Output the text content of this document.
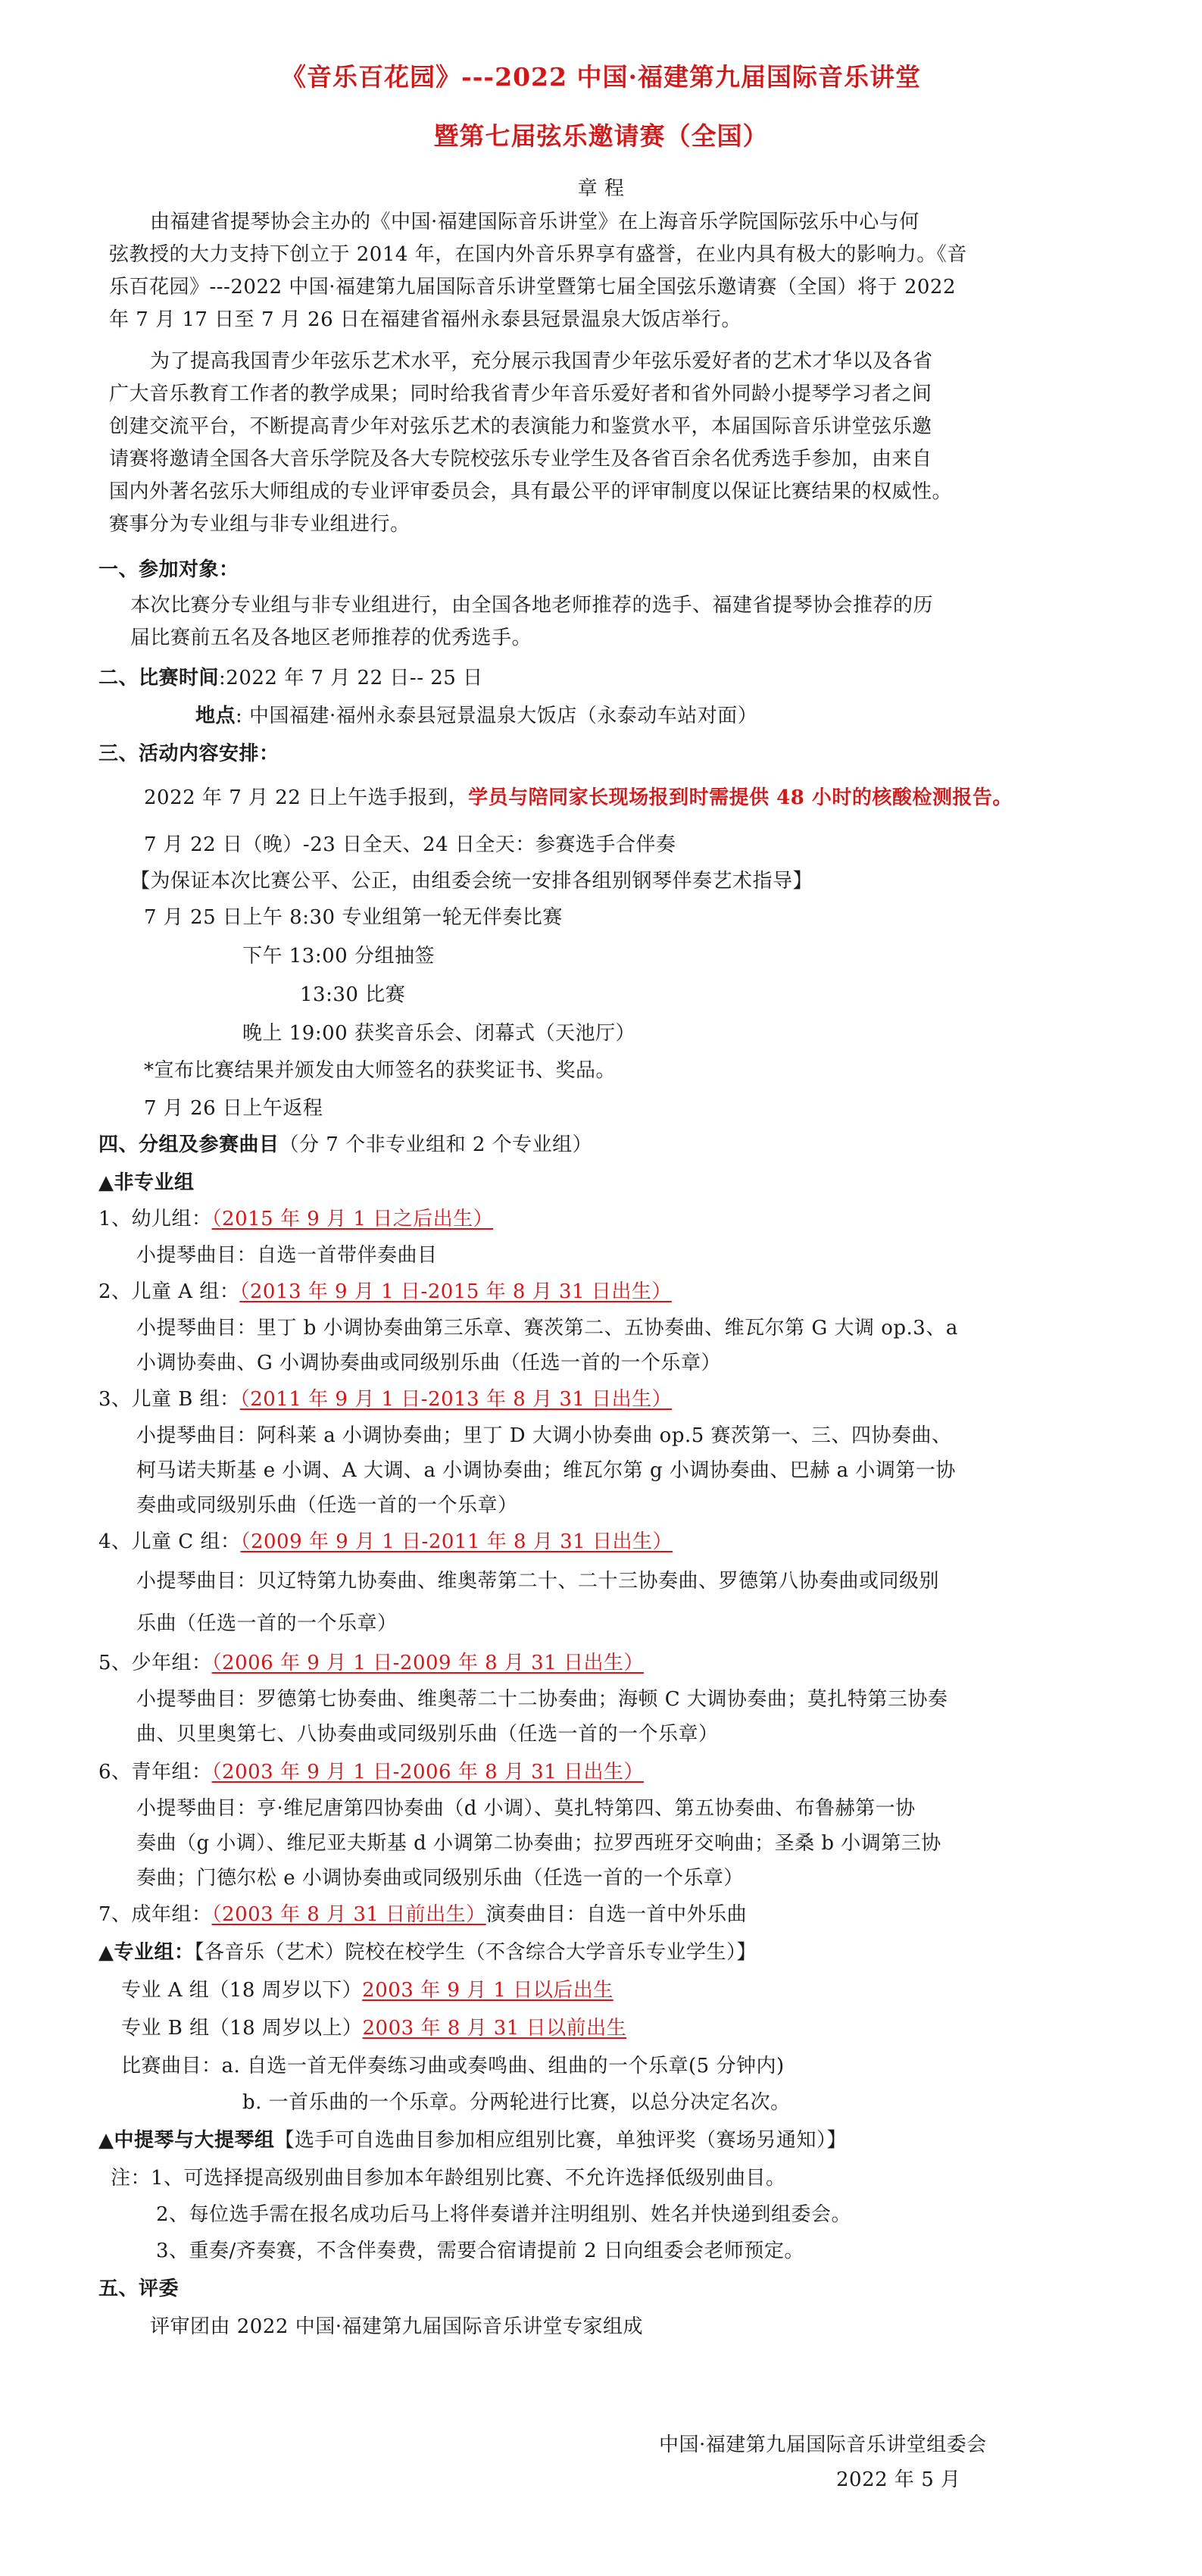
《音乐百花园》---2022 中国·福建第九届国际音乐讲堂
暨第七届弦乐邀请赛（全国）
章 程
由福建省提琴协会主办的《中国·福建国际音乐讲堂》在上海音乐学院国际弦乐中心与何
弦教授的大力支持下创立于 2014 年，在国内外音乐界享有盛誉，在业内具有极大的影响力。《音
乐百花园》---2022 中国·福建第九届国际音乐讲堂暨第七届全国弦乐邀请赛（全国）将于 2022
年 7 月 17 日至 7 月 26 日在福建省福州永泰县冠景温泉大饭店举行。
为了提高我国青少年弦乐艺术水平，充分展示我国青少年弦乐爱好者的艺术才华以及各省
广大音乐教育工作者的教学成果；同时给我省青少年音乐爱好者和省外同龄小提琴学习者之间
创建交流平台，不断提高青少年对弦乐艺术的表演能力和鉴赏水平，本届国际音乐讲堂弦乐邀
请赛将邀请全国各大音乐学院及各大专院校弦乐专业学生及各省百余名优秀选手参加，由来自
国内外著名弦乐大师组成的专业评审委员会，具有最公平的评审制度以保证比赛结果的权威性。
赛事分为专业组与非专业组进行。
一、参加对象：
本次比赛分专业组与非专业组进行，由全国各地老师推荐的选手、福建省提琴协会推荐的历
届比赛前五名及各地区老师推荐的优秀选手。
二、比赛时间:2022 年 7 月 22 日-- 25 日
地点: 中国福建·福州永泰县冠景温泉大饭店（永泰动车站对面）
三、活动内容安排：
2022 年 7 月 22 日上午选手报到，学员与陪同家长现场报到时需提供 48 小时的核酸检测报告。
7 月 22 日（晚）-23 日全天、24 日全天：参赛选手合伴奏
【为保证本次比赛公平、公正，由组委会统一安排各组别钢琴伴奏艺术指导】
7 月 25 日上午 8:30 专业组第一轮无伴奏比赛
下午 13:00 分组抽签
13:30 比赛
晚上 19:00 获奖音乐会、闭幕式（天池厅）
*宣布比赛结果并颁发由大师签名的获奖证书、奖品。
7 月 26 日上午返程
四、分组及参赛曲目（分 7 个非专业组和 2 个专业组）
▲非专业组
1、幼儿组：（2015 年 9 月 1 日之后出生）
小提琴曲目：自选一首带伴奏曲目
2、儿童 A 组：（2013 年 9 月 1 日-2015 年 8 月 31 日出生）
小提琴曲目：里丁 b 小调协奏曲第三乐章、赛茨第二、五协奏曲、维瓦尔第 G 大调 op.3、a
小调协奏曲、G 小调协奏曲或同级别乐曲（任选一首的一个乐章）
3、儿童 B 组：（2011 年 9 月 1 日-2013 年 8 月 31 日出生）
小提琴曲目：阿科莱 a 小调协奏曲；里丁 D 大调小协奏曲 op.5 赛茨第一、三、四协奏曲、
柯马诺夫斯基 e 小调、A 大调、a 小调协奏曲；维瓦尔第 g 小调协奏曲、巴赫 a 小调第一协
奏曲或同级别乐曲（任选一首的一个乐章）
4、儿童 C 组：（2009 年 9 月 1 日-2011 年 8 月 31 日出生）
小提琴曲目：贝辽特第九协奏曲、维奥蒂第二十、二十三协奏曲、罗德第八协奏曲或同级别
乐曲（任选一首的一个乐章）
5、少年组：（2006 年 9 月 1 日-2009 年 8 月 31 日出生）
小提琴曲目：罗德第七协奏曲、维奥蒂二十二协奏曲；海顿 C 大调协奏曲；莫扎特第三协奏
曲、贝里奥第七、八协奏曲或同级别乐曲（任选一首的一个乐章）
6、青年组：（2003 年 9 月 1 日-2006 年 8 月 31 日出生）
小提琴曲目：亨·维尼唐第四协奏曲（d 小调）、莫扎特第四、第五协奏曲、布鲁赫第一协
奏曲（g 小调）、维尼亚夫斯基 d 小调第二协奏曲；拉罗西班牙交响曲；圣桑 b 小调第三协
奏曲；门德尔松 e 小调协奏曲或同级别乐曲（任选一首的一个乐章）
7、成年组：（2003 年 8 月 31 日前出生）演奏曲目：自选一首中外乐曲
▲专业组：【各音乐（艺术）院校在校学生（不含综合大学音乐专业学生）】
专业 A 组（18 周岁以下）2003 年 9 月 1 日以后出生
专业 B 组（18 周岁以上）2003 年 8 月 31 日以前出生
比赛曲目：a. 自选一首无伴奏练习曲或奏鸣曲、组曲的一个乐章(5 分钟内)
b. 一首乐曲的一个乐章。分两轮进行比赛，以总分决定名次。
▲中提琴与大提琴组【选手可自选曲目参加相应组别比赛，单独评奖（赛场另通知）】
注：1、可选择提高级别曲目参加本年龄组别比赛、不允许选择低级别曲目。
2、每位选手需在报名成功后马上将伴奏谱并注明组别、姓名并快递到组委会。
3、重奏/齐奏赛，不含伴奏费，需要合宿请提前 2 日向组委会老师预定。
五、评委
评审团由 2022 中国·福建第九届国际音乐讲堂专家组成
中国·福建第九届国际音乐讲堂组委会
2022 年 5 月
